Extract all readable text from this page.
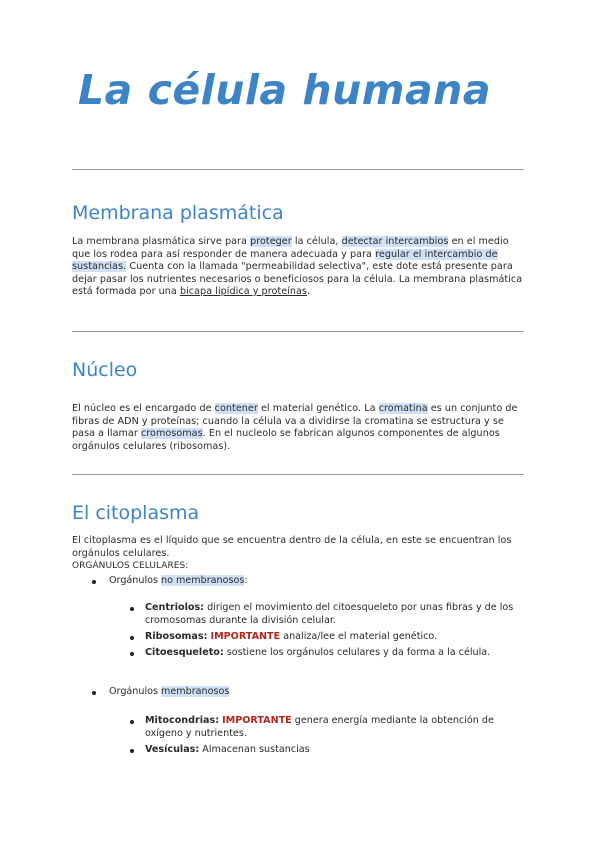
La célula humana
Membrana plasmática

La membrana plasmática sirve para proteger la célula, detectar intercambios en el medio que los rodea para así responder de manera adecuada y para regular el intercambio de sustancias. Cuenta con la llamada "permeabilidad selectiva", este dote está presente para dejar pasar los nutrientes necesarios o beneficiosos para la célula. La membrana plasmática está formada por una bicapa lipídica y proteínas.

Núcleo

El núcleo es el encargado de contener el material genético. La cromatina es un conjunto de fibras de ADN y proteínas; cuando la célula va a dividirse la cromatina se estructura y se pasa a llamar cromosomas. En el nucleolo se fabrican algunos componentes de algunos orgánulos celulares (ribosomas).

El citoplasma

El citoplasma es el líquido que se encuentra dentro de la célula, en este se encuentran los orgánulos celulares.

ORGÁNULOS CELULARES:

Orgánulos no membranosos:
Centriolos: dirigen el movimiento del citoesqueleto por unas fibras y de los cromosomas durante la división celular.
Ribosomas: IMPORTANTE analiza/lee el material genético.
Citoesqueleto: sostiene los orgánulos celulares y da forma a la célula.
Orgánulos membranosos
Mitocondrias: IMPORTANTE genera energía mediante la obtención de oxígeno y nutrientes.
Vesículas: Almacenan sustancias
